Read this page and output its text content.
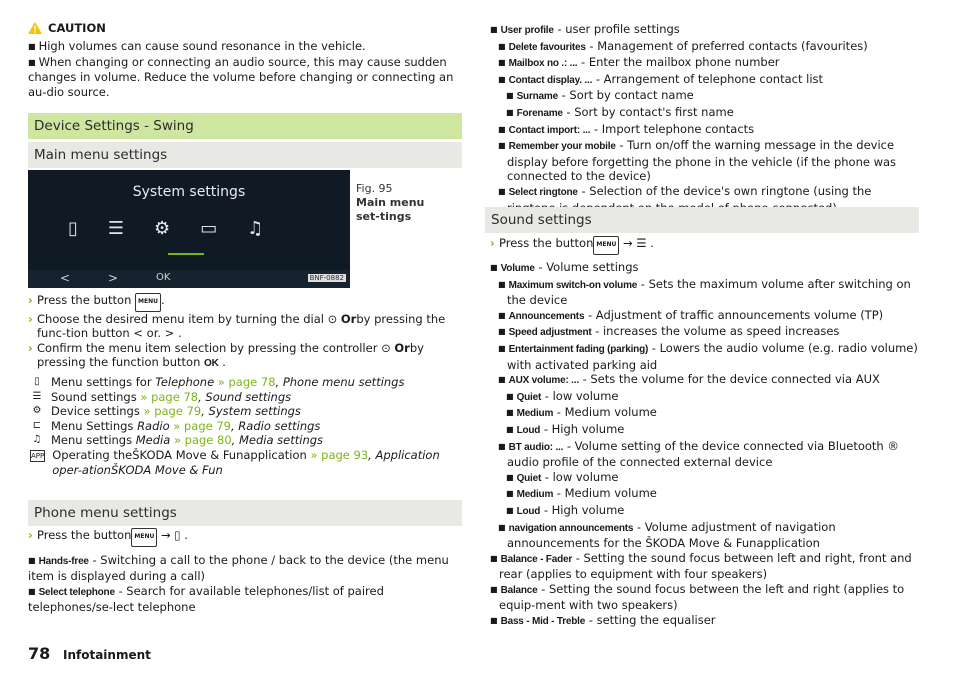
CAUTION
■ High volumes can cause sound resonance in the vehicle.
■ When changing or connecting an audio source, this may cause sudden changes in volume. Reduce the volume before changing or connecting an au-dio source.
Device Settings - Swing
Main menu settings
System settings
▯ ☰ ⚙ ▭ ♫
<	>	OK	BNF-0882
Fig. 95
Main menu set-tings
› Press the button MENU .
› Choose the desired menu item by turning the dial ⊙ Orby pressing the func-tion button < or. > .
› Confirm the menu item selection by pressing the controller ⊙ Orby pressing the function button OK .
▯ Menu settings for Telephone » page 78, Phone menu settings
☰ Sound settings » page 78, Sound settings
⚙ Device settings » page 79, System settings
⊏ Menu Settings Radio » page 79, Radio settings
♫ Menu settings Media » page 80, Media settings
APP Operating theŠKODA Move & Funapplication » page 93, Application oper-ationŠKODA Move & Fun
Phone menu settings
› Press the button MENU → ▯ .
■ Hands-free - Switching a call to the phone / back to the device (the menu item is displayed during a call)
■ Select telephone - Search for available telephones/list of paired telephones/se-lect telephone
■ User profile - user profile settings
■ Delete favourites - Management of preferred contacts (favourites)
■ Mailbox no .: ... - Enter the mailbox phone number
■ Contact display. ... - Arrangement of telephone contact list
■ Surname - Sort by contact name
■ Forename - Sort by contact's first name
■ Contact import: ... - Import telephone contacts
■ Remember your mobile - Turn on/off the warning message in the device display before forgetting the phone in the vehicle (if the phone was connected to the device)
■ Select ringtone - Selection of the device's own ringtone (using the
Sound settings
› Press the button MENU → ☰ .
■ Volume - Volume settings
■ Maximum switch-on volume - Sets the maximum volume after switching on the device
■ Announcements - Adjustment of traffic announcements volume (TP)
■ Speed adjustment - increases the volume as speed increases
■ Entertainment fading (parking) - Lowers the audio volume (e.g. radio volume) with activated parking aid
■ AUX volume: ... - Sets the volume for the device connected via AUX
■ Quiet - low volume
■ Medium - Medium volume
■ Loud - High volume
■ BT audio: ... - Volume setting of the device connected via Bluetooth ® audio profile of the connected external device
■ Quiet - low volume
■ Medium - Medium volume
■ Loud - High volume
■ navigation announcements - Volume adjustment of navigation announcements for the ŠKODA Move & Funapplication
■ Balance - Fader - Setting the sound focus between left and right, front and rear (applies to equipment with four speakers)
■ Balance - Setting the sound focus between the left and right (applies to equip-ment with two speakers)
■ Bass - Mid - Treble - setting the equaliser
78 Infotainment
